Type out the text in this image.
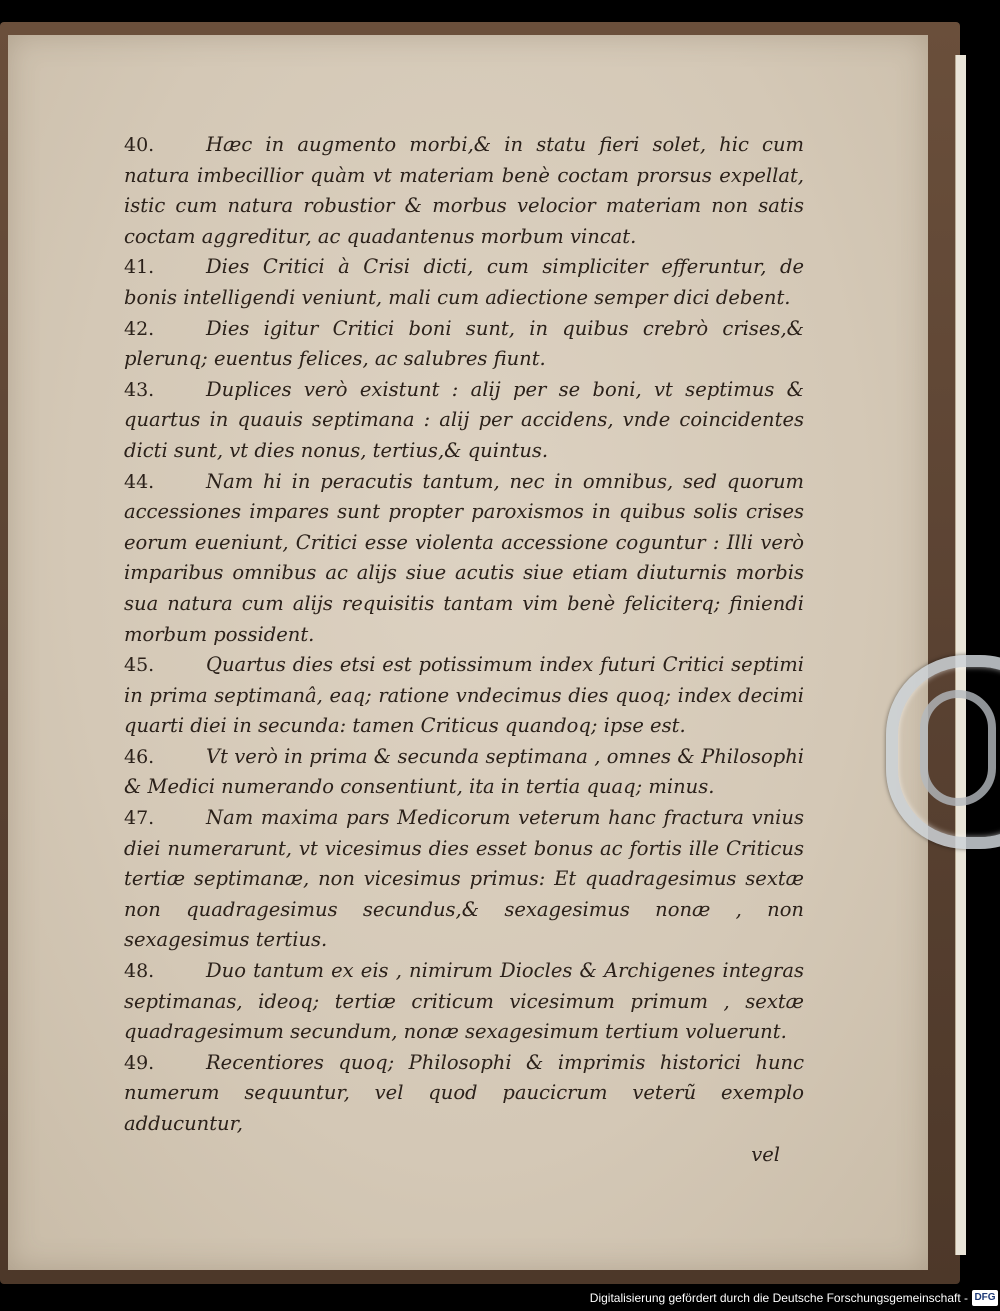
40.	Hæc in augmento morbi,& in statu fieri solet, hic cum natura imbecillior quàm vt materiam benè coctam prorsus expellat, istic cum natura robustior & morbus velocior materiam non satis coctam aggreditur, ac quadantenus morbum vincat.

41.	Dies Critici à Crisi dicti, cum simpliciter efferuntur, de bonis intelligendi veniunt, mali cum adiectione semper dici debent.

42.	Dies igitur Critici boni sunt, in quibus crebrò crises,& plerunq; euentus felices, ac salubres fiunt.

43.	Duplices verò existunt : alij per se boni, vt septimus & quartus in quauis septimana : alij per accidens, vnde coincidentes dicti sunt, vt dies nonus, tertius,& quintus.

44.	Nam hi in peracutis tantum, nec in omnibus, sed quorum accessiones impares sunt propter paroxismos in quibus solis crises eorum eueniunt, Critici esse violenta accessione coguntur : Illi verò imparibus omnibus ac alijs siue acutis siue etiam diuturnis morbis sua natura cum alijs requisitis tantam vim benè feliciterq; finiendi morbum possident.

45.	Quartus dies etsi est potissimum index futuri Critici septimi in prima septimanâ, eaq; ratione vndecimus dies quoq; index decimi quarti diei in secunda: tamen Criticus quandoq; ipse est.

46.	Vt verò in prima & secunda septimana , omnes & Philosophi & Medici numerando consentiunt, ita in tertia quaq; minus.

47.	Nam maxima pars Medicorum veterum hanc fractura vnius diei numerarunt, vt vicesimus dies esset bonus ac fortis ille Criticus tertiæ septimanæ, non vicesimus primus: Et quadragesimus sextæ non quadragesimus secundus,& sexagesimus nonæ , non sexagesimus tertius.

48.	Duo tantum ex eis , nimirum Diocles & Archigenes integras septimanas, ideoq; tertiæ criticum vicesimum primum , sextæ quadragesimum secundum, nonæ sexagesimum tertium voluerunt.

49.	Recentiores quoq; Philosophi & imprimis historici hunc numerum sequuntur, vel quod paucicrum veterũ exemplo adducuntur,

vel

Digitalisierung gefördert durch die Deutsche Forschungsgemeinschaft - DFG
